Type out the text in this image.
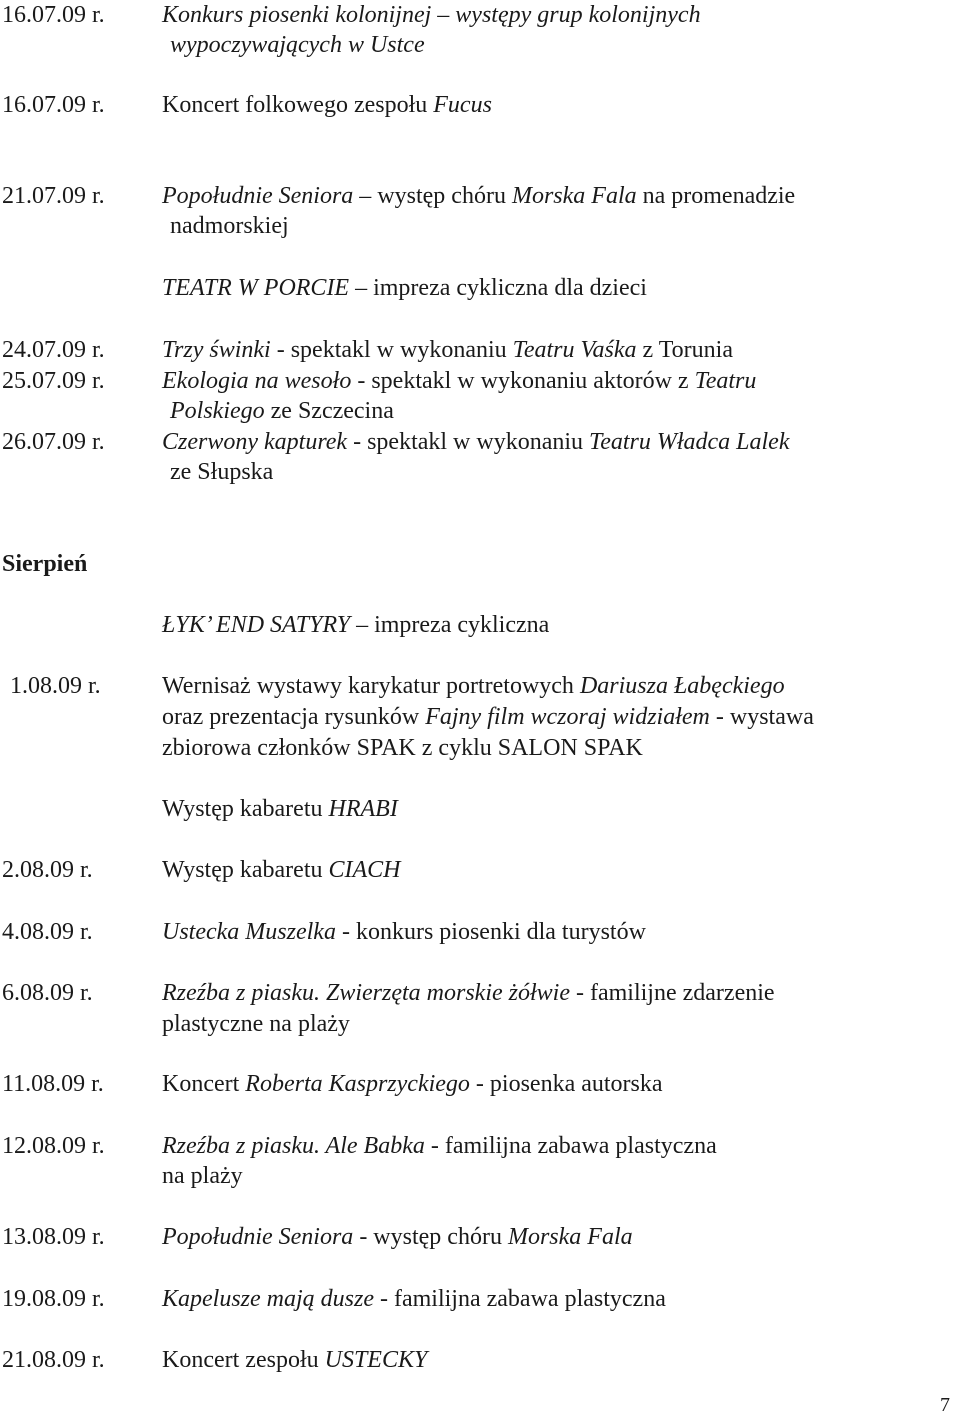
16.07.09 r. Konkurs piosenki kolonijnej – występy grup kolonijnych
wypoczywających w Ustce
16.07.09 r. Koncert folkowego zespołu Fucus
21.07.09 r. Popołudnie Seniora – występ chóru Morska Fala na promenadzie
nadmorskiej
TEATR W PORCIE – impreza cykliczna dla dzieci
24.07.09 r. Trzy świnki - spektakl w wykonaniu Teatru Vaśka z Torunia
25.07.09 r. Ekologia na wesoło - spektakl w wykonaniu aktorów z Teatru
Polskiego ze Szczecina
26.07.09 r. Czerwony kapturek - spektakl w wykonaniu Teatru Władca Lalek
ze Słupska
Sierpień
ŁYK’ END SATYRY – impreza cykliczna
1.08.09 r.	Wernisaż wystawy karykatur portretowych Dariusza Łabęckiego
oraz prezentacja rysunków Fajny film wczoraj widziałem - wystawa
zbiorowa członków SPAK z cyklu SALON SPAK
Występ kabaretu HRABI
2.08.09 r.	Występ kabaretu CIACH
4.08.09 r.	Ustecka Muszelka - konkurs piosenki dla turystów
6.08.09 r.	Rzeźba z piasku. Zwierzęta morskie żółwie - familijne zdarzenie
plastyczne na plaży
11.08.09 r. Koncert Roberta Kasprzyckiego - piosenka autorska
12.08.09 r. Rzeźba z piasku. Ale Babka - familijna zabawa plastyczna
na plaży
13.08.09 r. Popołudnie Seniora - występ chóru Morska Fala
19.08.09 r. Kapelusze mają dusze - familijna zabawa plastyczna
21.08.09 r. Koncert zespołu USTECKY
7
